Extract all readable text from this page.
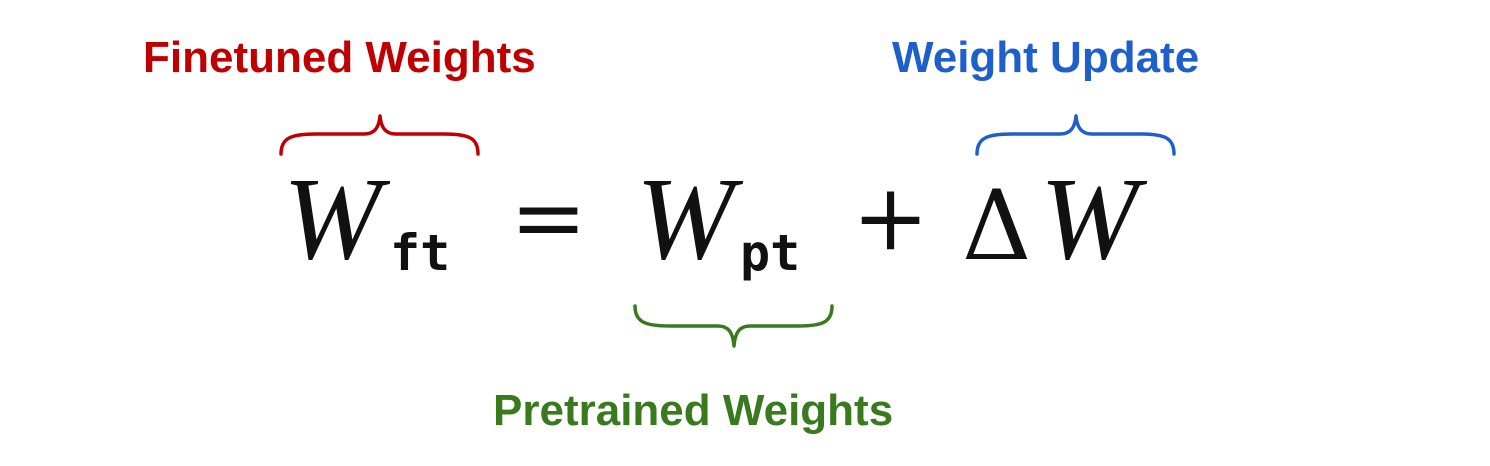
Finetuned Weights	Weight Update
Pretrained Weights
W ft = W pt + Δ W
